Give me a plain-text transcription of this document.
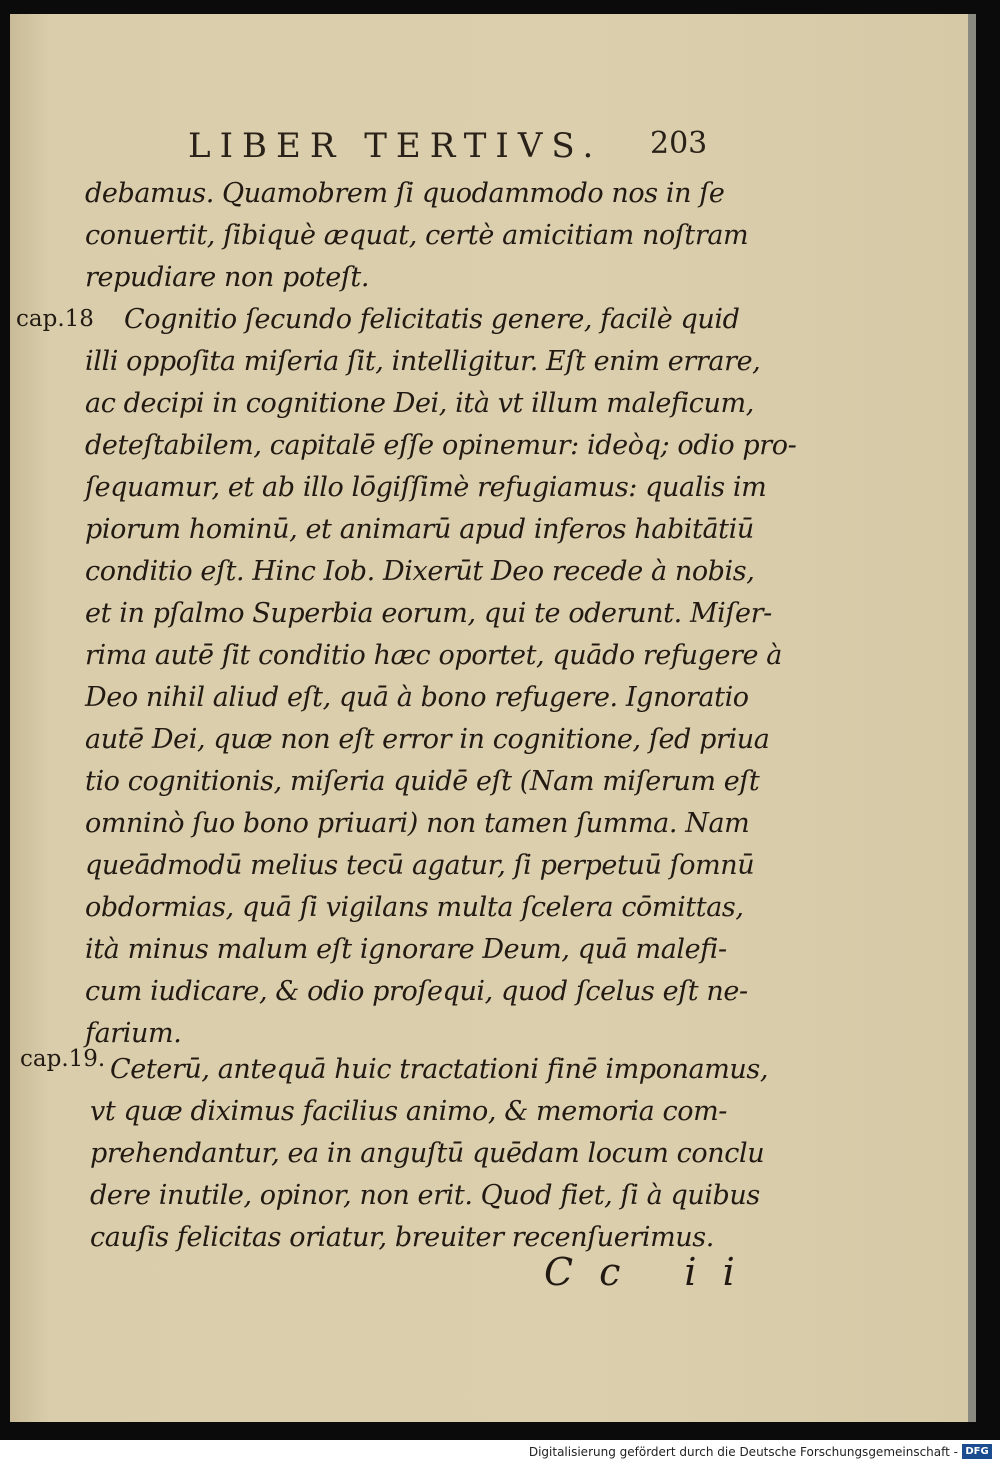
LIBER TERTIVS. 203
cap.18
cap.19.
debamus. Quamobrem ſi quodammodo nos in ſe
conuertit, ſibiquè æquat, certè amicitiam noſtram
repudiare non poteſt.
Cognitio ſecundo felicitatis genere, facilè quid
illi oppoſita miſeria ſit, intelligitur. Eſt enim errare,
ac decipi in cognitione Dei, ità vt illum maleficum,
deteſtabilem, capitalē eſſe opinemur: ideòq; odio pro-
ſequamur, et ab illo lōgiſſimè refugiamus: qualis im
piorum hominū, et animarū apud inferos habitātiū
conditio eſt. Hinc Iob. Dixerūt Deo recede à nobis,
et in pſalmo Superbia eorum, qui te oderunt. Miſer-
rima autē ſit conditio hæc oportet, quādo refugere à
Deo nihil aliud eſt, quā à bono refugere. Ignoratio
autē Dei, quæ non eſt error in cognitione, ſed priua
tio cognitionis, miſeria quidē eſt (Nam miſerum eſt
omninò ſuo bono priuari) non tamen ſumma. Nam
queādmodū melius tecū agatur, ſi perpetuū ſomnū
obdormias, quā ſi vigilans multa ſcelera cōmittas,
ità minus malum eſt ignorare Deum, quā malefi-
cum iudicare, & odio proſequi, quod ſcelus eſt ne-
farium.
Ceterū, antequā huic tractationi finē imponamus,
vt quæ diximus facilius animo, & memoria com-
prehendantur, ea in anguſtū quēdam locum conclu
dere inutile, opinor, non erit. Quod fiet, ſi à quibus
cauſis felicitas oriatur, breuiter recenſuerimus.
Cc ii
Digitalisierung gefördert durch die Deutsche Forschungsgemeinschaft - DFG
